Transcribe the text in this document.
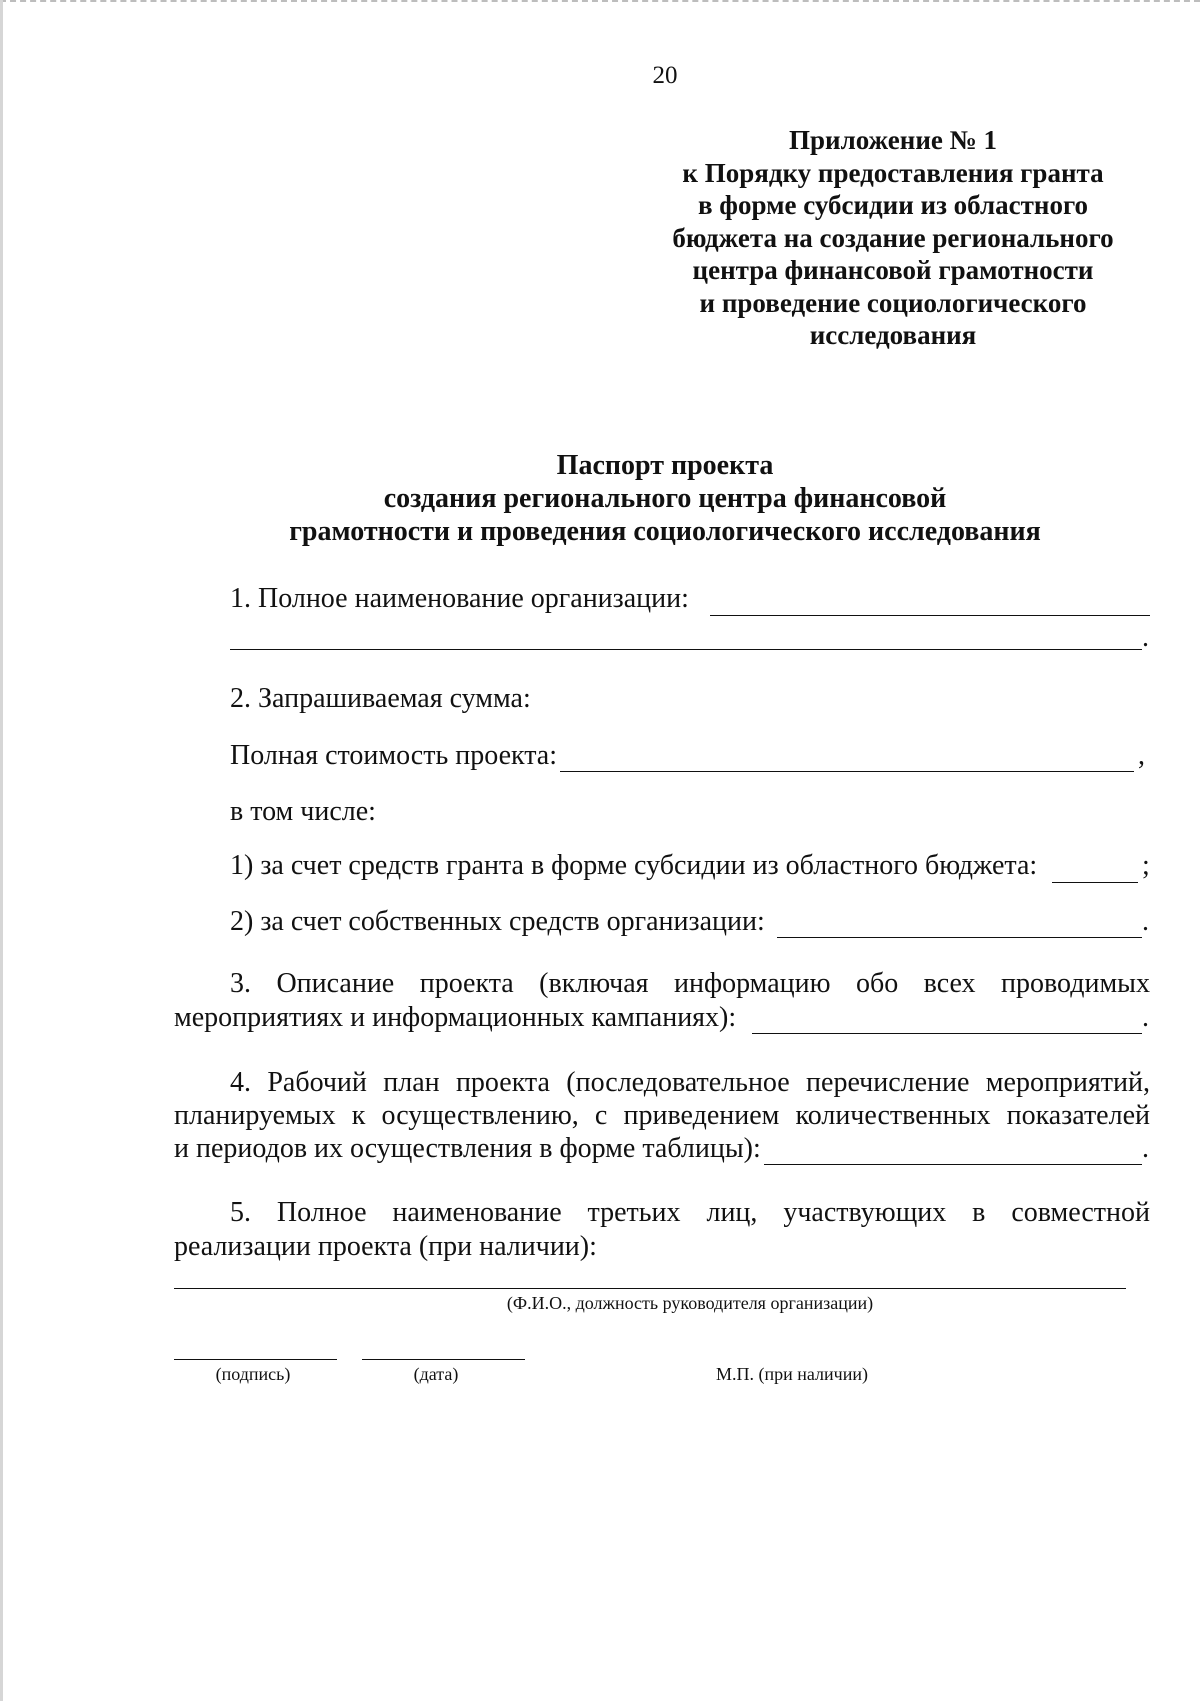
20
Приложение № 1
к Порядку предоставления гранта
в форме субсидии из областного
бюджета на создание регионального
центра финансовой грамотности
и проведение социологического
исследования
Паспорт проекта
создания регионального центра финансовой
грамотности и проведения социологического исследования
1. Полное наименование организации:
.
2. Запрашиваемая сумма:
Полная стоимость проекта:	,
в том числе:
1) за счет средств гранта в форме субсидии из областного бюджета:	;
2) за счет собственных средств организации:	.
3. Описание проекта (включая информацию обо всех проводимых
мероприятиях и информационных кампаниях):	.
4. Рабочий план проекта (последовательное перечисление мероприятий,
планируемых к осуществлению, с приведением количественных показателей
и периодов их осуществления в форме таблицы):	.
5. Полное наименование третьих лиц, участвующих в совместной
реализации проекта (при наличии):
(Ф.И.О., должность руководителя организации)
(подпись)	(дата)	М.П. (при наличии)
